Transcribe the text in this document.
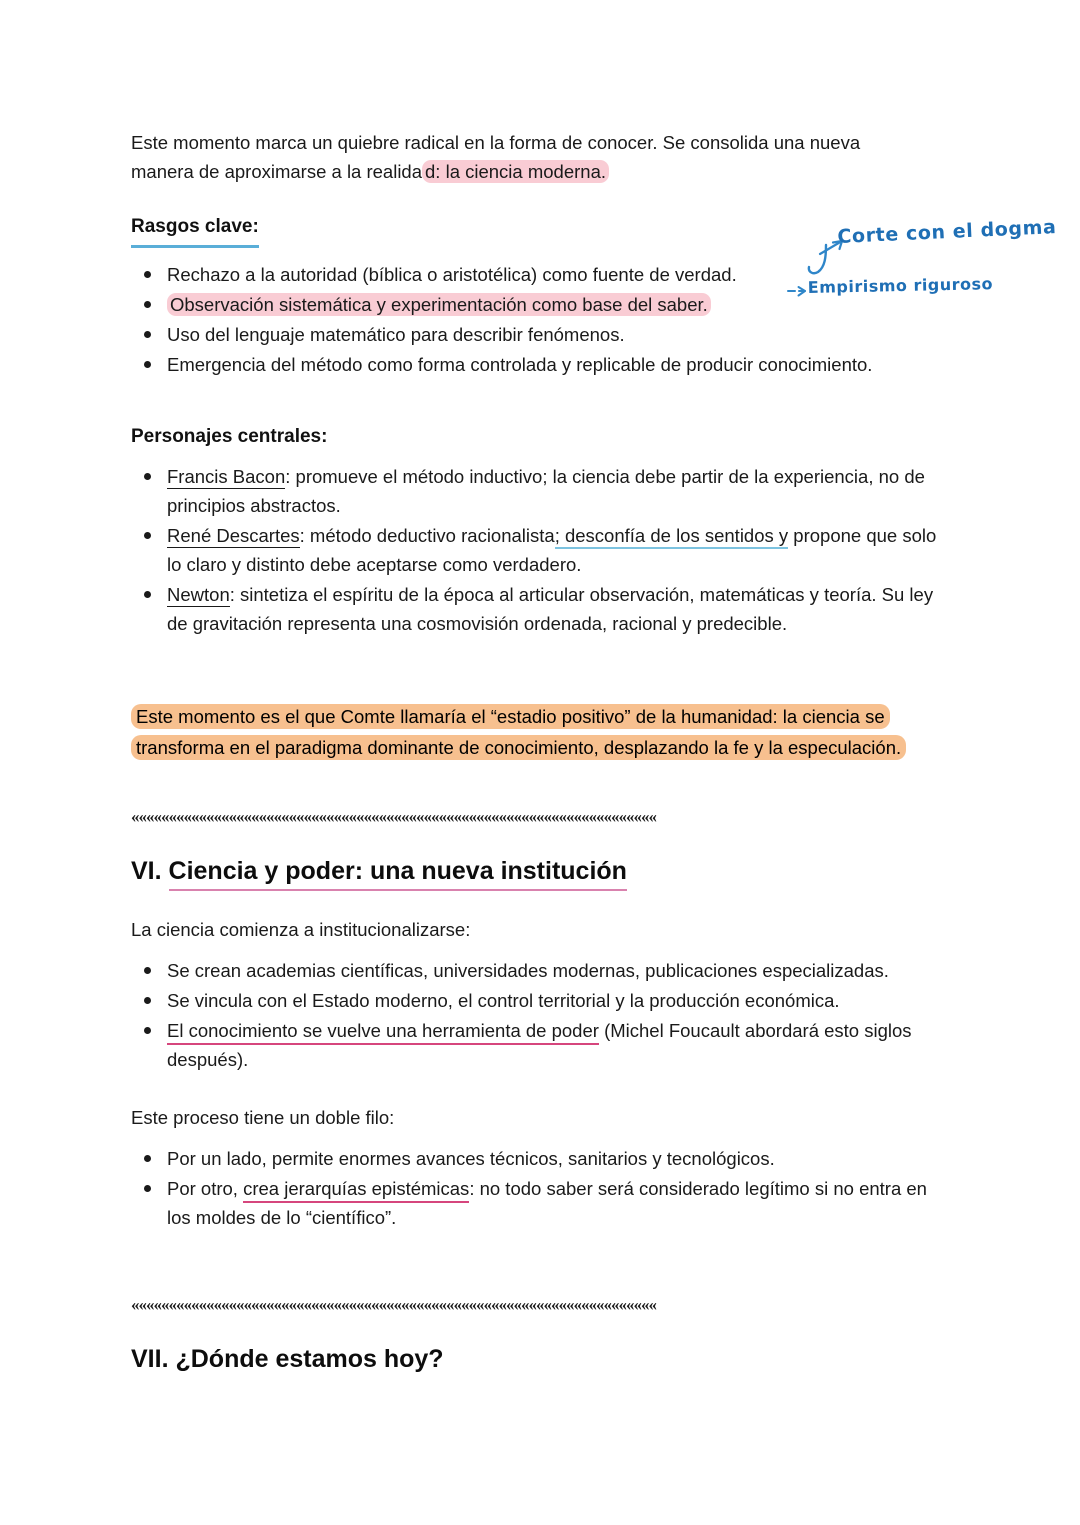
Este momento marca un quiebre radical en la forma de conocer. Se consolida una nueva
manera de aproximarse a la realida d: la ciencia moderna.

Rasgos clave:
Rechazo a la autoridad (bíblica o aristotélica) como fuente de verdad.
Observación sistemática y experimentación como base del saber.
Uso del lenguaje matemático para describir fenómenos.
Emergencia del método como forma controlada y replicable de producir conocimiento.
Personajes centrales:
Francis Bacon: promueve el método inductivo; la ciencia debe partir de la experiencia, no de principios abstractos.
René Descartes: método deductivo racionalista; desconfía de los sentidos y propone que solo lo claro y distinto debe aceptarse como verdadero.
Newton: sintetiza el espíritu de la época al articular observación, matemáticas y teoría. Su ley de gravitación representa una cosmovisión ordenada, racional y predecible.

Este momento es el que Comte llamaría el “estadio positivo” de la humanidad: la ciencia se transforma en el paradigma dominante de conocimiento, desplazando la fe y la especulación.

««««««««««««««««««««««««««««««««««««««««««««««««««««««««««««««««««««««
VI. Ciencia y poder: una nueva institución

La ciencia comienza a institucionalizarse:

Se crean academias científicas, universidades modernas, publicaciones especializadas.
Se vincula con el Estado moderno, el control territorial y la producción económica.
El conocimiento se vuelve una herramienta de poder (Michel Foucault abordará esto siglos después).

Este proceso tiene un doble filo:

Por un lado, permite enormes avances técnicos, sanitarios y tecnológicos.
Por otro, crea jerarquías epistémicas: no todo saber será considerado legítimo si no entra en los moldes de lo “científico”.
««««««««««««««««««««««««««««««««««««««««««««««««««««««««««««««««««««««
VII. ¿Dónde estamos hoy?
Corte con el dogma
Empirismo riguroso
